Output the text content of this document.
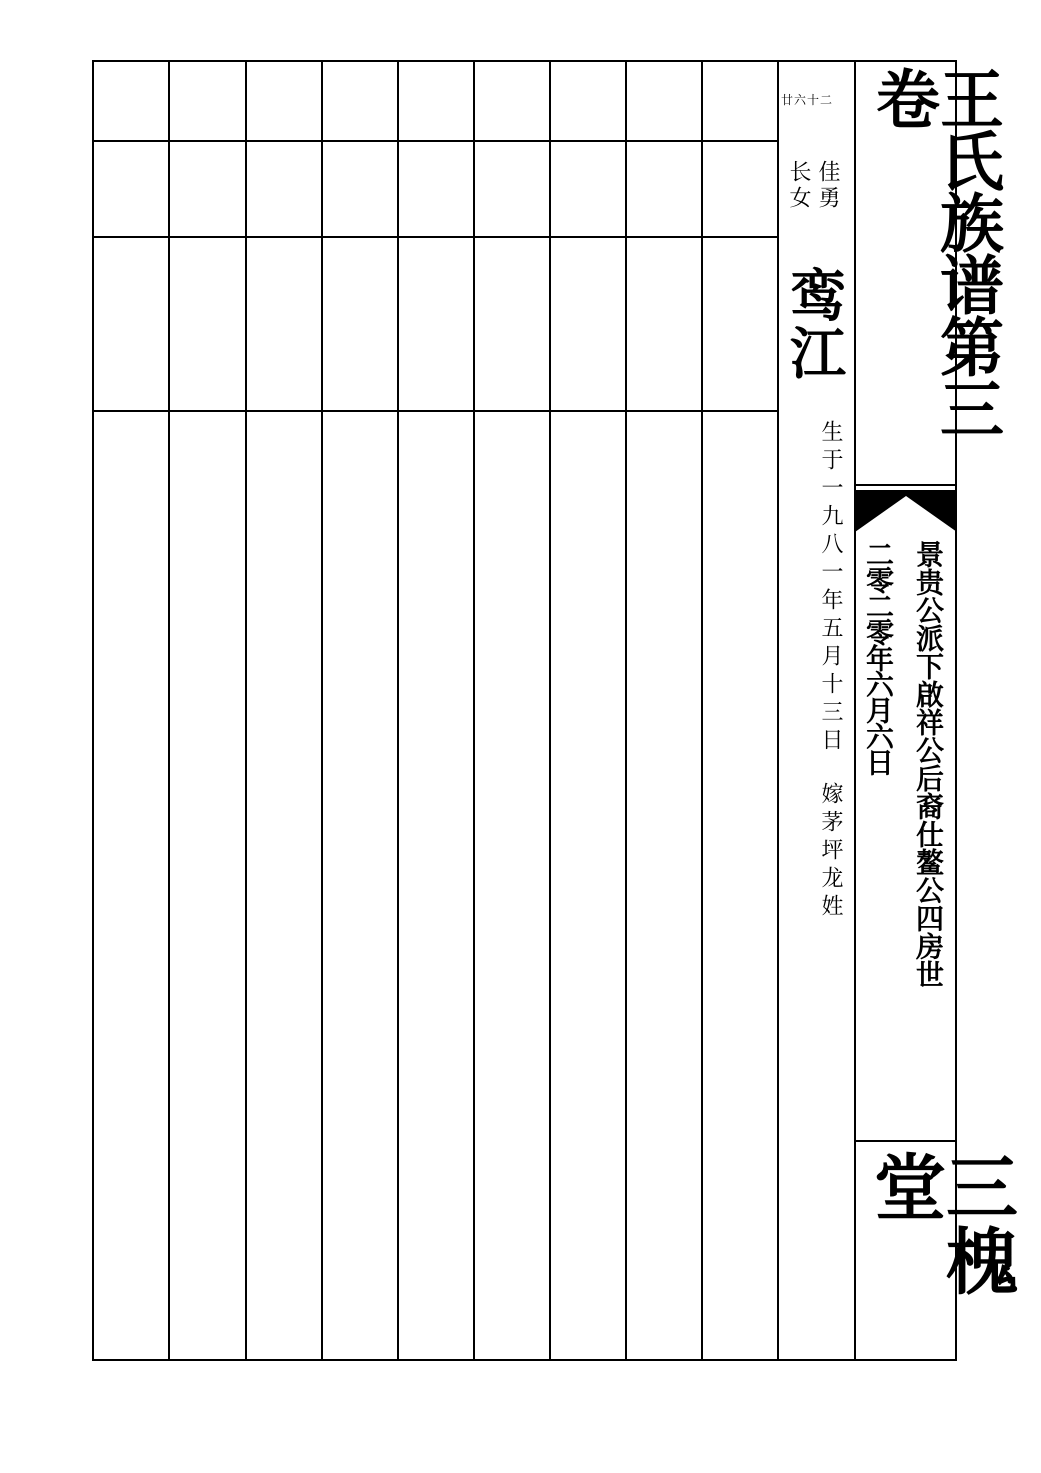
王氏族谱第三卷
景贵公派下啟祥公后裔仕鳌公四房世
二零二零年六月六日
三槐堂
廿六十二
佳勇
长女
鸾江
生于一九八一年五月十三日
嫁茅坪龙姓
